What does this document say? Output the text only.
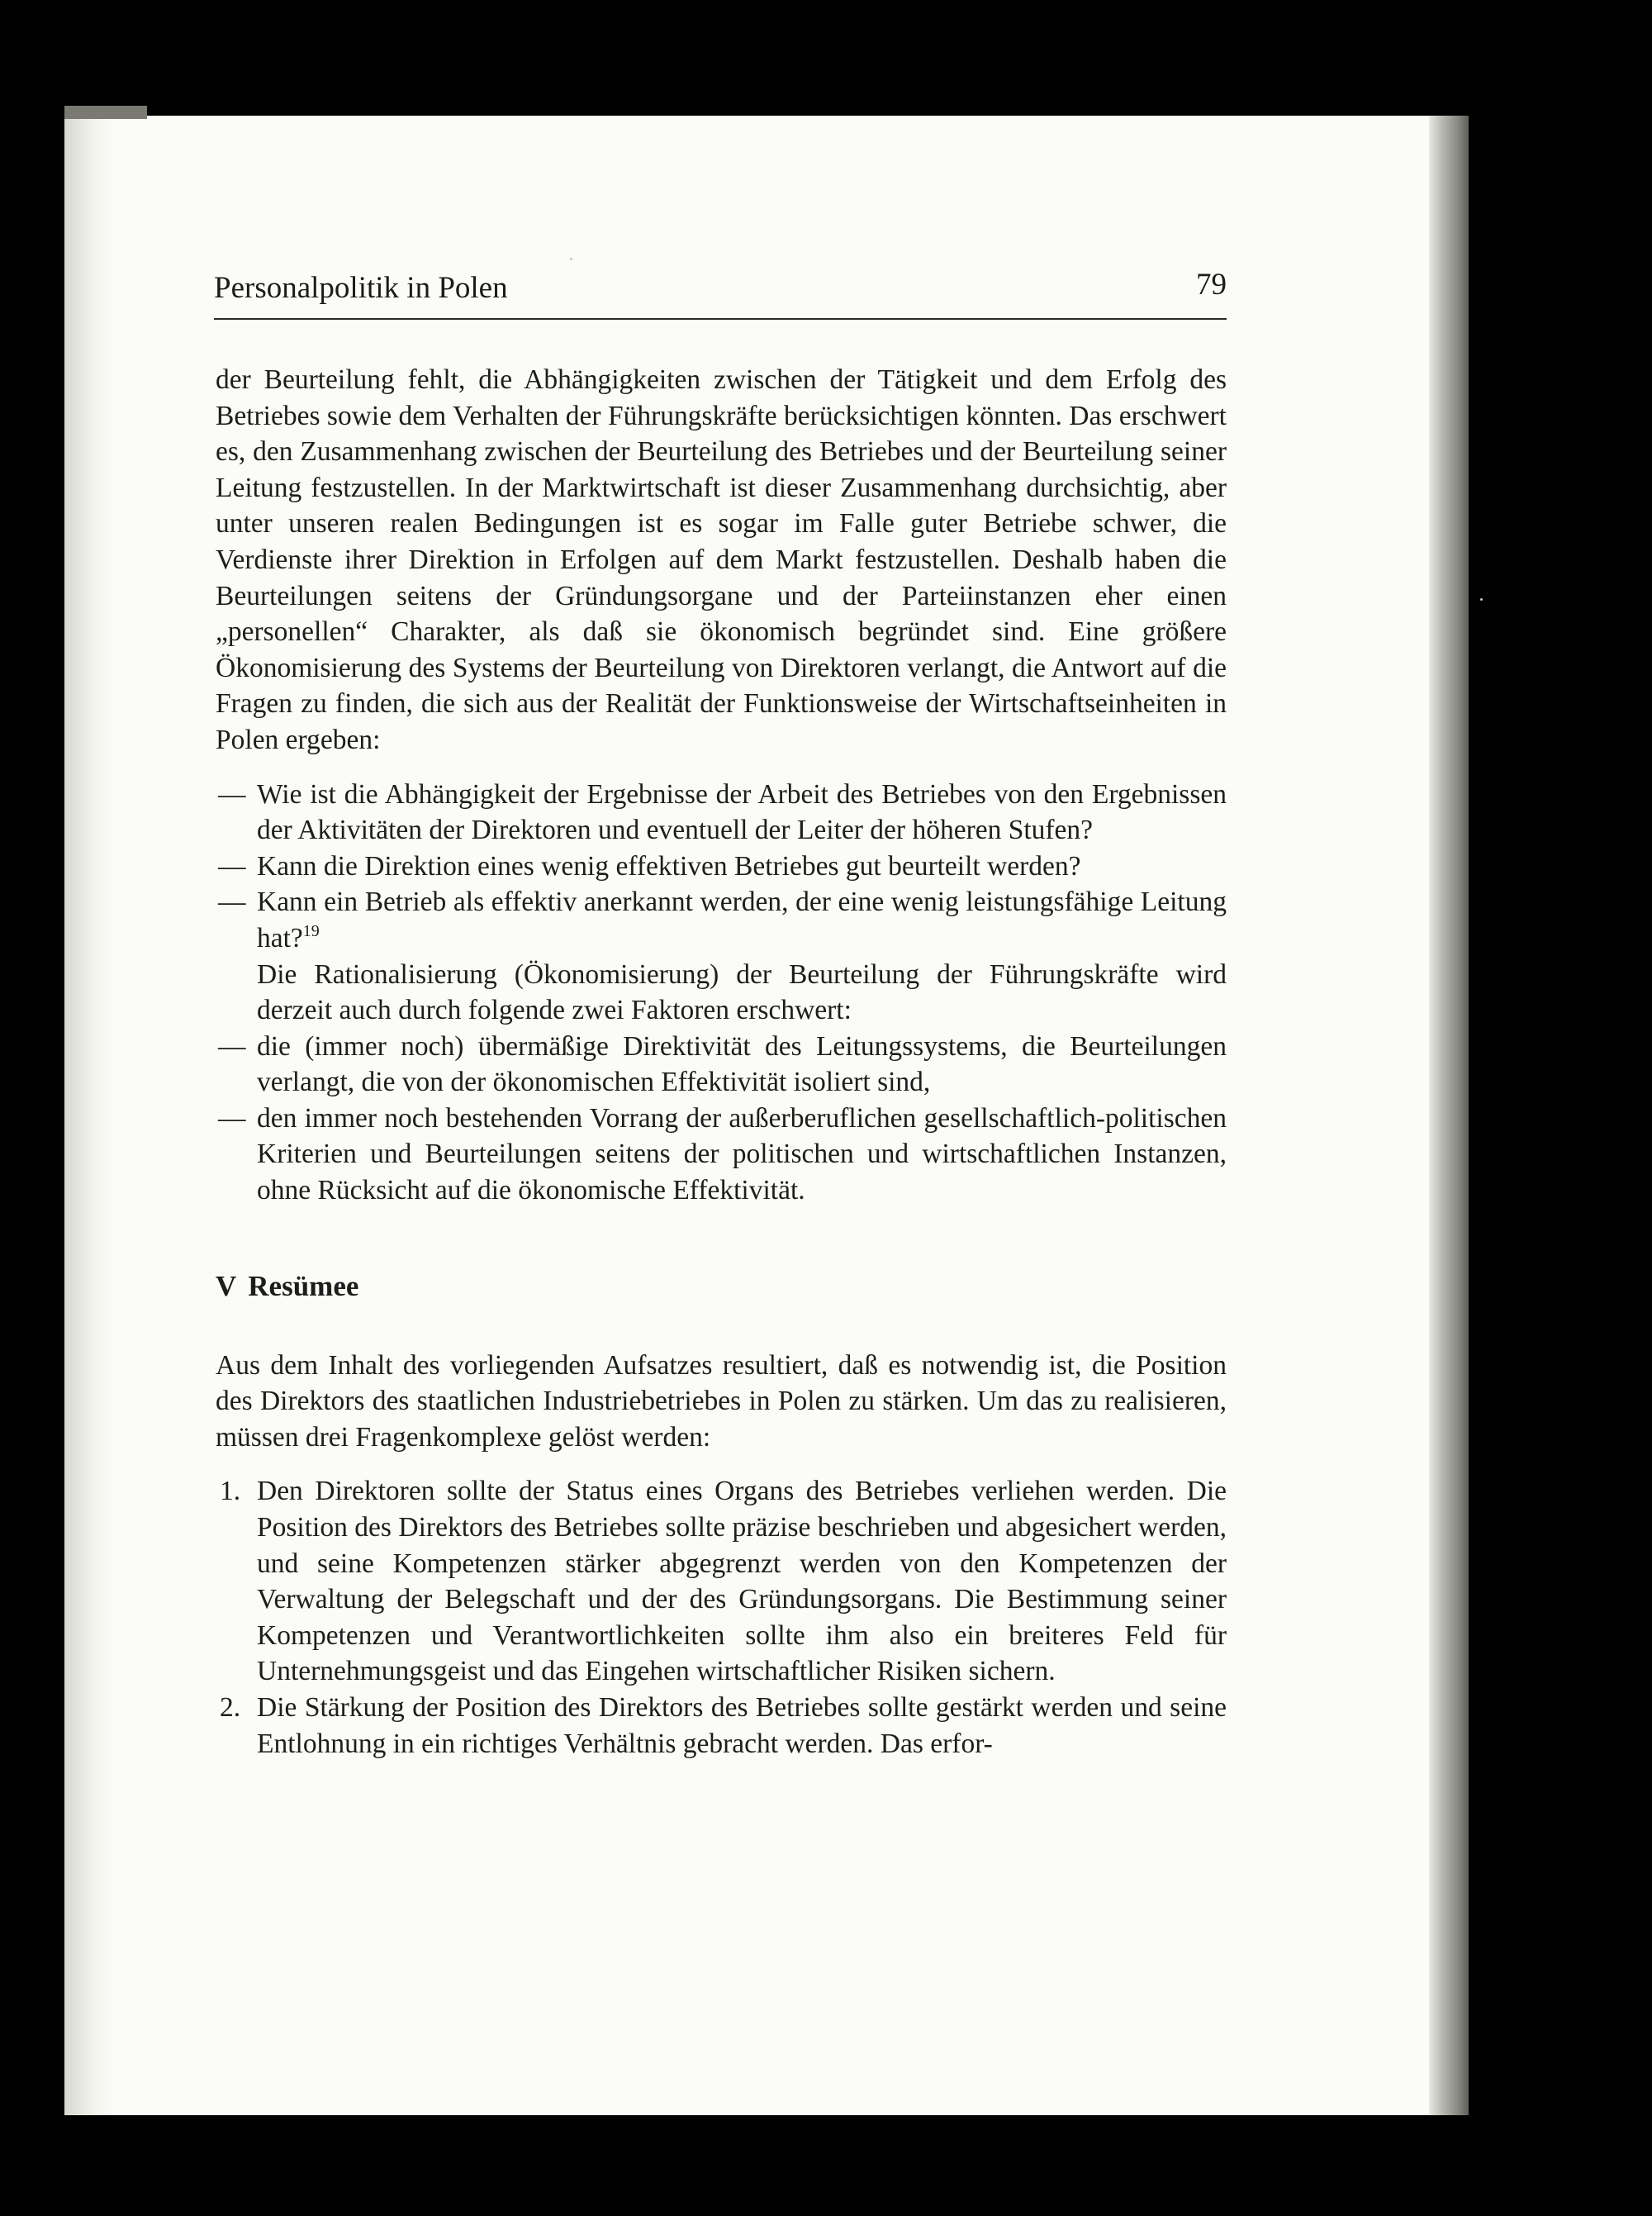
Personalpolitik in Polen	79

der Beurteilung fehlt, die Abhängigkeiten zwischen der Tätigkeit und dem Erfolg des Betriebes sowie dem Verhalten der Führungskräfte berücksichtigen könnten. Das erschwert es, den Zusammenhang zwischen der Beurteilung des Betriebes und der Beurteilung seiner Leitung festzustellen. In der Marktwirtschaft ist dieser Zusammenhang durchsichtig, aber unter unseren realen Bedingungen ist es sogar im Falle guter Betriebe schwer, die Verdienste ihrer Direktion in Erfolgen auf dem Markt festzustellen. Deshalb haben die Beurteilungen seitens der Gründungsorgane und der Parteiinstanzen eher einen „personellen“ Charakter, als daß sie ökonomisch begründet sind. Eine größere Ökonomisierung des Systems der Beurteilung von Direktoren verlangt, die Antwort auf die Fragen zu finden, die sich aus der Realität der Funktionsweise der Wirtschaftseinheiten in Polen ergeben:

— Wie ist die Abhängigkeit der Ergebnisse der Arbeit des Betriebes von den Ergebnissen der Aktivitäten der Direktoren und eventuell der Leiter der höheren Stufen?
— Kann die Direktion eines wenig effektiven Betriebes gut beurteilt werden?
— Kann ein Betrieb als effektiv anerkannt werden, der eine wenig leistungsfähige Leitung hat?$^{19}$

Die Rationalisierung (Ökonomisierung) der Beurteilung der Führungskräfte wird derzeit auch durch folgende zwei Faktoren erschwert:

— die (immer noch) übermäßige Direktivität des Leitungssystems, die Beurteilungen verlangt, die von der ökonomischen Effektivität isoliert sind,
— den immer noch bestehenden Vorrang der außerberuflichen gesellschaftlich-politischen Kriterien und Beurteilungen seitens der politischen und wirtschaftlichen Instanzen, ohne Rücksicht auf die ökonomische Effektivität.
V Resümee

Aus dem Inhalt des vorliegenden Aufsatzes resultiert, daß es notwendig ist, die Position des Direktors des staatlichen Industriebetriebes in Polen zu stärken. Um das zu realisieren, müssen drei Fragenkomplexe gelöst werden:

1. Den Direktoren sollte der Status eines Organs des Betriebes verliehen werden. Die Position des Direktors des Betriebes sollte präzise beschrieben und abgesichert werden, und seine Kompetenzen stärker abgegrenzt werden von den Kompetenzen der Verwaltung der Belegschaft und der des Gründungsorgans. Die Bestimmung seiner Kompetenzen und Verantwortlichkeiten sollte ihm also ein breiteres Feld für Unternehmungsgeist und das Eingehen wirtschaftlicher Risiken sichern.
2. Die Stärkung der Position des Direktors des Betriebes sollte gestärkt werden und seine Entlohnung in ein richtiges Verhältnis gebracht werden. Das erfor-
